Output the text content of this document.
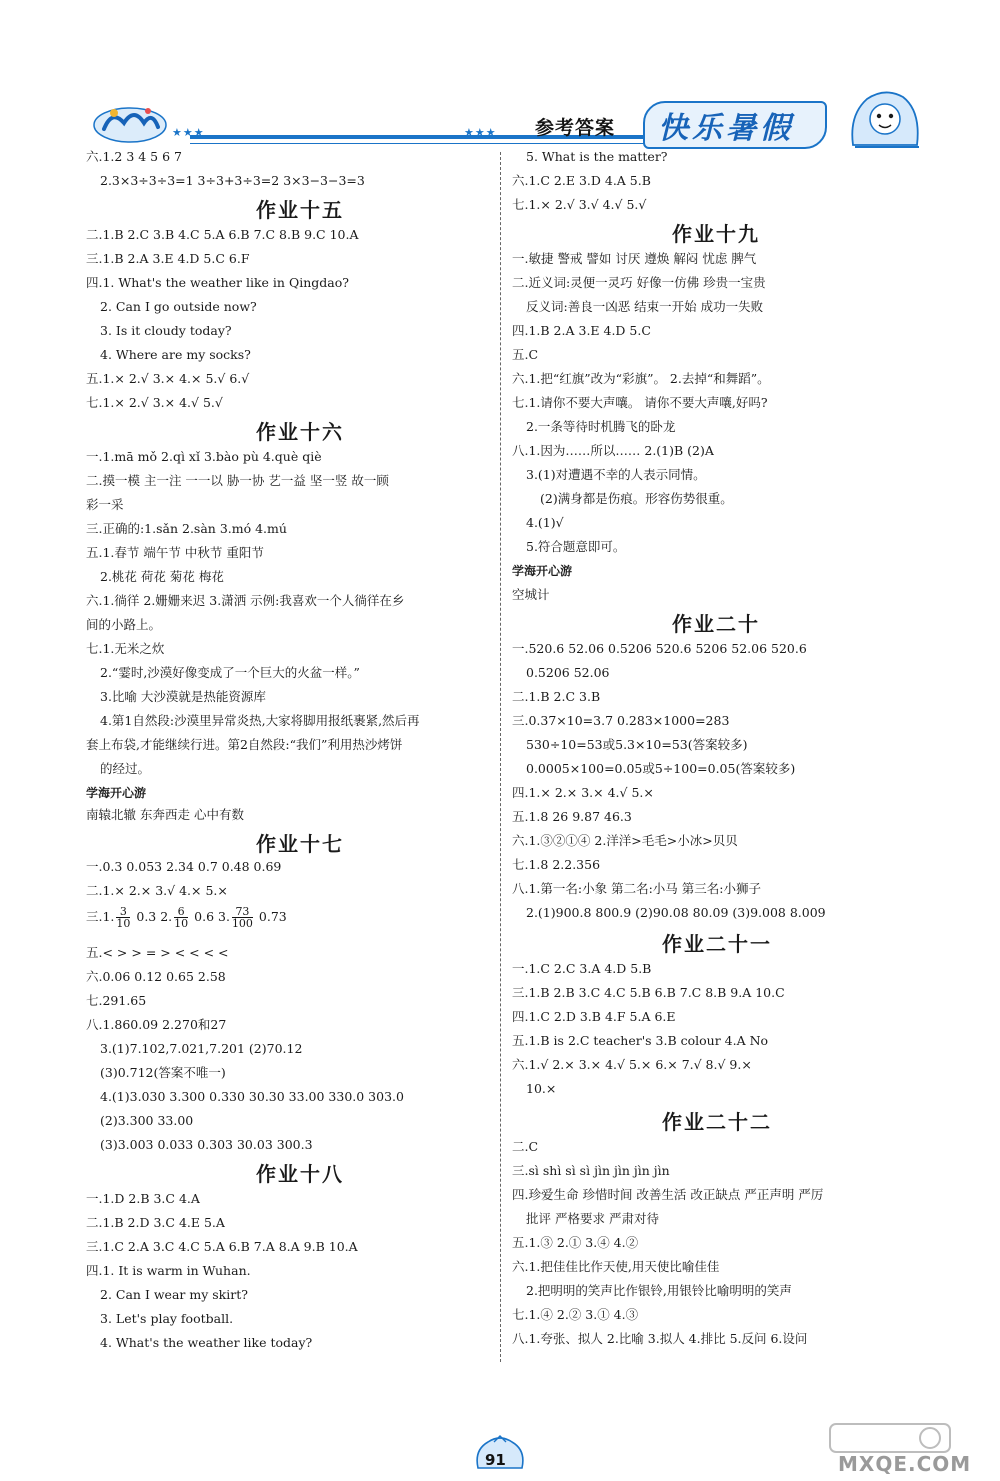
★★★	★★★ 参考答案 快乐暑假
六.1.2 3 4 5 6 7
2.3×3÷3÷3=1 3÷3+3÷3=2 3×3−3−3=3
作业十五
二.1.B 2.C 3.B 4.C 5.A 6.B 7.C 8.B 9.C 10.A
三.1.B 2.A 3.E 4.D 5.C 6.F
四.1. What's the weather like in Qingdao?
2. Can I go outside now?
3. Is it cloudy today?
4. Where are my socks?
五.1.× 2.√ 3.× 4.× 5.√ 6.√
七.1.× 2.√ 3.× 4.√ 5.√
作业十六
一.1.mā mǒ 2.qì xǐ 3.bào pù 4.què qiè
二.摸一模 主一注 一一以 胁一协 艺一益 坚一竖 故一顾
彩一采
三.正确的:1.sǎn 2.sàn 3.mó 4.mú
五.1.春节 端午节 中秋节 重阳节
2.桃花 荷花 菊花 梅花
六.1.徜徉 2.姗姗来迟 3.潇洒 示例:我喜欢一个人徜徉在乡
间的小路上。
七.1.无米之炊
2.“霎时,沙漠好像变成了一个巨大的火盆一样。”
3.比喻 大沙漠就是热能资源库
4.第1自然段:沙漠里异常炎热,大家将脚用报纸裹紧,然后再
套上布袋,才能继续行进。第2自然段:“我们”利用热沙烤饼
的经过。
学海开心游
南辕北辙 东奔西走 心中有数
作业十七
一.0.3 0.053 2.34 0.7 0.48 0.69
二.1.× 2.× 3.√ 4.× 5.×
三.1. $\frac{3}{10} 0.3$ 2. $\frac{6}{10} 0.6$ 3. $\frac{73}{100} 0.73$
五.< > > = > < < < <
六.0.06 0.12 0.65 2.58
七.291.65
八.1.860.09 2.270和27
3.(1)7.102,7.021,7.201 (2)70.12
(3)0.712(答案不唯一)
4.(1)3.030 3.300 0.330 30.30 33.00 330.0 303.0
(2)3.300 33.00
(3)3.003 0.033 0.303 30.03 300.3
作业十八
一.1.D 2.B 3.C 4.A
二.1.B 2.D 3.C 4.E 5.A
三.1.C 2.A 3.C 4.C 5.A 6.B 7.A 8.A 9.B 10.A
四.1. It is warm in Wuhan.
2. Can I wear my skirt?
3. Let's play football.
4. What's the weather like today?
5. What is the matter?
六.1.C 2.E 3.D 4.A 5.B
七.1.× 2.√ 3.√ 4.√ 5.√
作业十九
一.敏捷 警戒 譬如 讨厌 遵焕 解闷 忧虑 脾气
二.近义词:灵便一灵巧 好像一仿佛 珍贵一宝贵
反义词:善良一凶恶 结束一开始 成功一失败
四.1.B 2.A 3.E 4.D 5.C
五.C
六.1.把“红旗”改为“彩旗”。 2.去掉“和舞蹈”。
七.1.请你不要大声嚷。 请你不要大声嚷,好吗?
2.一条等待时机腾飞的卧龙
八.1.因为……所以…… 2.(1)B (2)A
3.(1)对遭遇不幸的人表示同情。
(2)满身都是伤痕。形容伤势很重。
4.(1)√
5.符合题意即可。
学海开心游
空城计
作业二十
一.520.6 52.06 0.5206 520.6 5206 52.06 520.6
0.5206 52.06
二.1.B 2.C 3.B
三.0.37×10=3.7 0.283×1000=283
530÷10=53或5.3×10=53(答案较多)
0.0005×100=0.05或5÷100=0.05(答案较多)
四.1.× 2.× 3.× 4.√ 5.×
五.1.8 26 9.87 46.3
六.1.③②①④ 2.洋洋>毛毛>小冰>贝贝
七.1.8 2.2.356
八.1.第一名:小象 第二名:小马 第三名:小狮子
2.(1)900.8 800.9 (2)90.08 80.09 (3)9.008 8.009
作业二十一
一.1.C 2.C 3.A 4.D 5.B
三.1.B 2.B 3.C 4.C 5.B 6.B 7.C 8.B 9.A 10.C
四.1.C 2.D 3.B 4.F 5.A 6.E
五.1.B is 2.C teacher's 3.B colour 4.A No
六.1.√ 2.× 3.× 4.√ 5.× 6.× 7.√ 8.√ 9.×
10.×
作业二十二
二.C
三.sì shì sì sì jìn jìn jìn jìn
四.珍爱生命 珍惜时间 改善生活 改正缺点 严正声明 严厉
批评 严格要求 严肃对待
五.1.③ 2.① 3.④ 4.②
六.1.把佳佳比作天使,用天使比喻佳佳
2.把明明的笑声比作银铃,用银铃比喻明明的笑声
七.1.④ 2.② 3.① 4.③
八.1.夸张、拟人 2.比喻 3.拟人 4.排比 5.反问 6.设问
91	MXQE.COM
